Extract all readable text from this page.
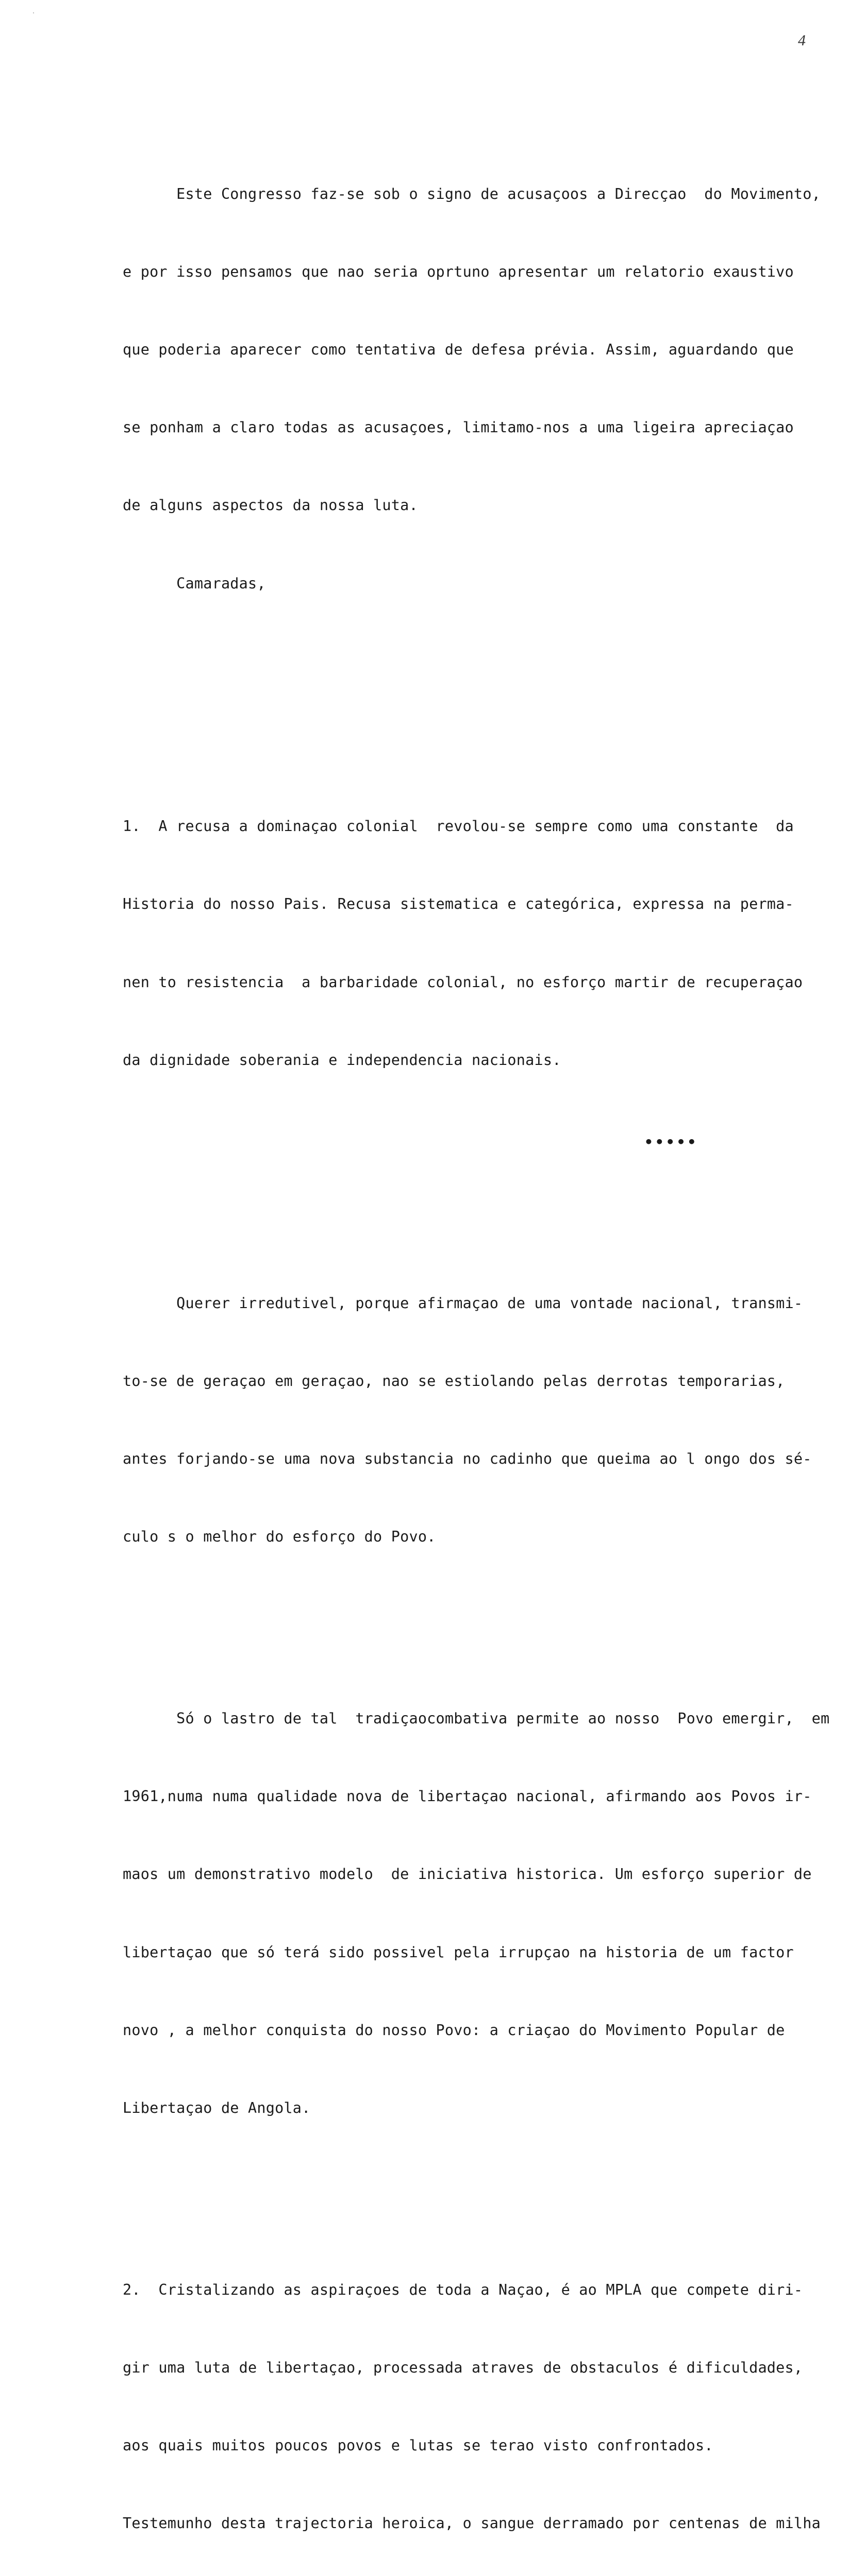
4

Este Congresso faz-se sob o signo de acusaçoos a Direcçao  do Movimento,

e por isso pensamos que nao seria oprtuno apresentar um relatorio exaustivo

que poderia aparecer como tentativa de defesa prévia. Assim, aguardando que

se ponham a claro todas as acusaçoes, limitamo-nos a uma ligeira apreciaçao

de alguns aspectos da nossa luta.

Camaradas,

1.  A recusa a dominaçao colonial  revolou-se sempre como uma constante  da

Historia do nosso Pais. Recusa sistematica e categórica, expressa na perma-

nen to resistencia  a barbaridade colonial, no esforço martir de recuperaçao

da dignidade soberania e independencia nacionais.

Querer irredutivel, porque afirmaçao de uma vontade nacional, transmi-

to-se de geraçao em geraçao, nao se estiolando pelas derrotas temporarias,

antes forjando-se uma nova substancia no cadinho que queima ao l ongo dos sé-

culo s o melhor do esforço do Povo.

Só o lastro de tal  tradiçaocombativa permite ao nosso  Povo emergir,  em

1961,numa numa qualidade nova de libertaçao nacional, afirmando aos Povos ir-

maos um demonstrativo modelo  de iniciativa historica. Um esforço superior de

libertaçao que só terá sido possivel pela irrupçao na historia de um factor

novo , a melhor conquista do nosso Povo: a criaçao do Movimento Popular de

Libertaçao de Angola.

2.  Cristalizando as aspiraçoes de toda a Naçao, é ao MPLA que compete diri-

gir uma luta de libertaçao, processada atraves de obstaculos é dificuldades,

aos quais muitos poucos povos e lutas se terao visto confrontados.

Testemunho desta trajectoria heroica, o sangue derramado por centenas de milha

•••••
